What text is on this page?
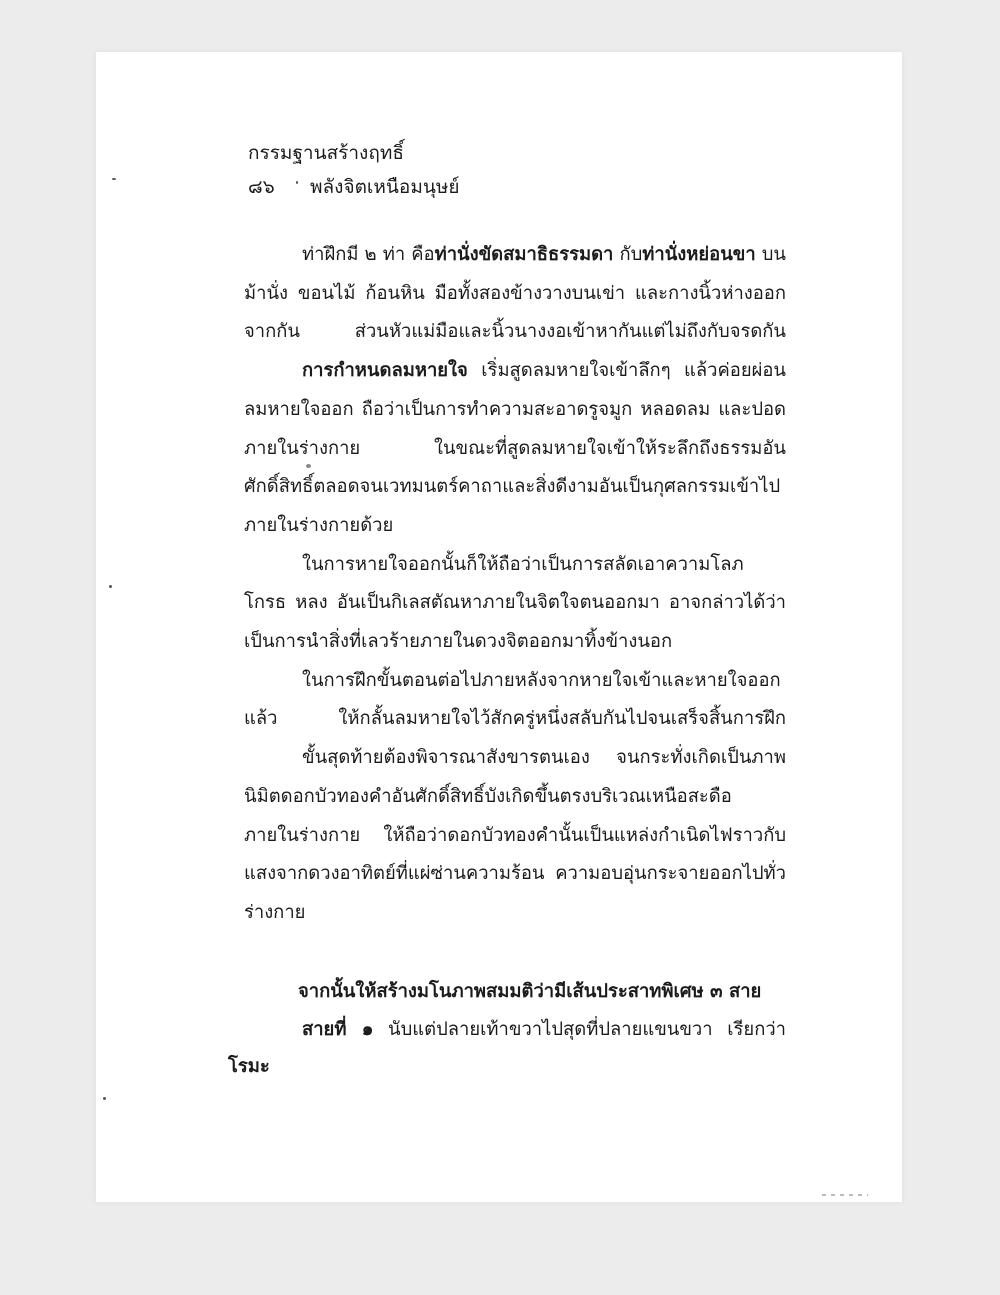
กรรมฐานสร้างฤทธิ์
๘๖ พลังจิตเหนือมนุษย์

ท่าฝึกมี ๒ ท่า คือท่านั่งขัดสมาธิธรรมดา กับท่านั่งหย่อนขา บนม้านั่ง ขอนไม้ ก้อนหิน มือทั้งสองข้างวางบนเข่า และกางนิ้วห่างออกจากกัน ส่วนหัวแม่มือและนิ้วนางงอเข้าหากันแต่ไม่ถึงกับจรดกัน

การกำหนดลมหายใจ เริ่มสูดลมหายใจเข้าลึกๆ แล้วค่อยผ่อนลมหายใจออก ถือว่าเป็นการทำความสะอาดรูจมูก หลอดลม และปอดภายในร่างกาย ในขณะที่สูดลมหายใจเข้าให้ระลึกถึงธรรมอันศักดิ์สิทธิ์ตลอดจนเวทมนตร์คาถาและสิ่งดีงามอันเป็นกุศลกรรมเข้าไปภายในร่างกายด้วย

ในการหายใจออกนั้นก็ให้ถือว่าเป็นการสลัดเอาความโลภ โกรธ หลง อันเป็นกิเลสตัณหาภายในจิตใจตนออกมา อาจกล่าวได้ว่าเป็นการนำสิ่งที่เลวร้ายภายในดวงจิตออกมาทิ้งข้างนอก

ในการฝึกขั้นตอนต่อไปภายหลังจากหายใจเข้าและหายใจออกแล้ว ให้กลั้นลมหายใจไว้สักครู่หนึ่งสลับกันไปจนเสร็จสิ้นการฝึก

ขั้นสุดท้ายต้องพิจารณาสังขารตนเอง จนกระทั่งเกิดเป็นภาพนิมิตดอกบัวทองคำอันศักดิ์สิทธิ์บังเกิดขึ้นตรงบริเวณเหนือสะดือภายในร่างกาย ให้ถือว่าดอกบัวทองคำนั้นเป็นแหล่งกำเนิดไฟราวกับแสงจากดวงอาทิตย์ที่แผ่ซ่านความร้อน ความอบอุ่นกระจายออกไปทั่วร่างกาย

จากนั้นให้สร้างมโนภาพสมมติว่ามีเส้นประสาทพิเศษ ๓ สาย

สายที่ ๑ นับแต่ปลายเท้าขวาไปสุดที่ปลายแขนขวา เรียกว่า

โรมะ
